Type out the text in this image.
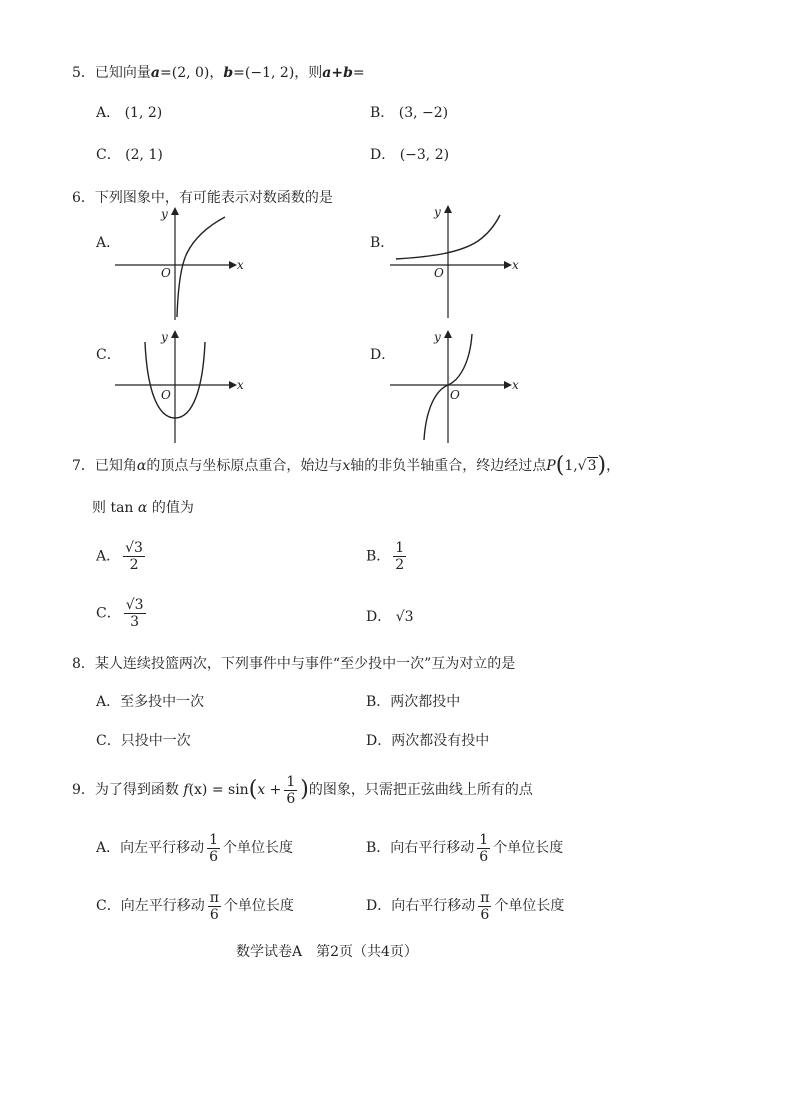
5．已知向量a=(2, 0)，b=(−1, 2)，则a+b=
A． (1, 2)	B． (3, −2)
C． (2, 1)	D． (−3, 2)
6．下列图象中，有可能表示对数函数的是
A．
x
y
O
B．
x
y
O
C．
x
y
O
D．
x
y
O
7．已知角α的顶点与坐标原点重合，始边与x轴的非负半轴重合，终边经过点P(1,√3)，
则 tan α 的值为
A． $\frac{√3}{2}$	B． $\frac{1}{2}$
C． $\frac{√3}{3}$	D． √3
8．某人连续投篮两次，下列事件中与事件“至少投中一次”互为对立的是
A．至多投中一次	B．两次都投中
C．只投中一次	D．两次都没有投中
9．为了得到函数 $f(x) = \sin(x + \frac{1}{6}$ )的图象，只需把正弦曲线上所有的点
A．向左平行移动 $\frac{1}{6}$ 个单位长度	B．向右平行移动 $\frac{1}{6}$ 个单位长度
C．向左平行移动 $\frac{\pi}{6}$ 个单位长度	D．向右平行移动 $\frac{\pi}{6}$ 个单位长度
数学试卷A　第2页（共4页）
